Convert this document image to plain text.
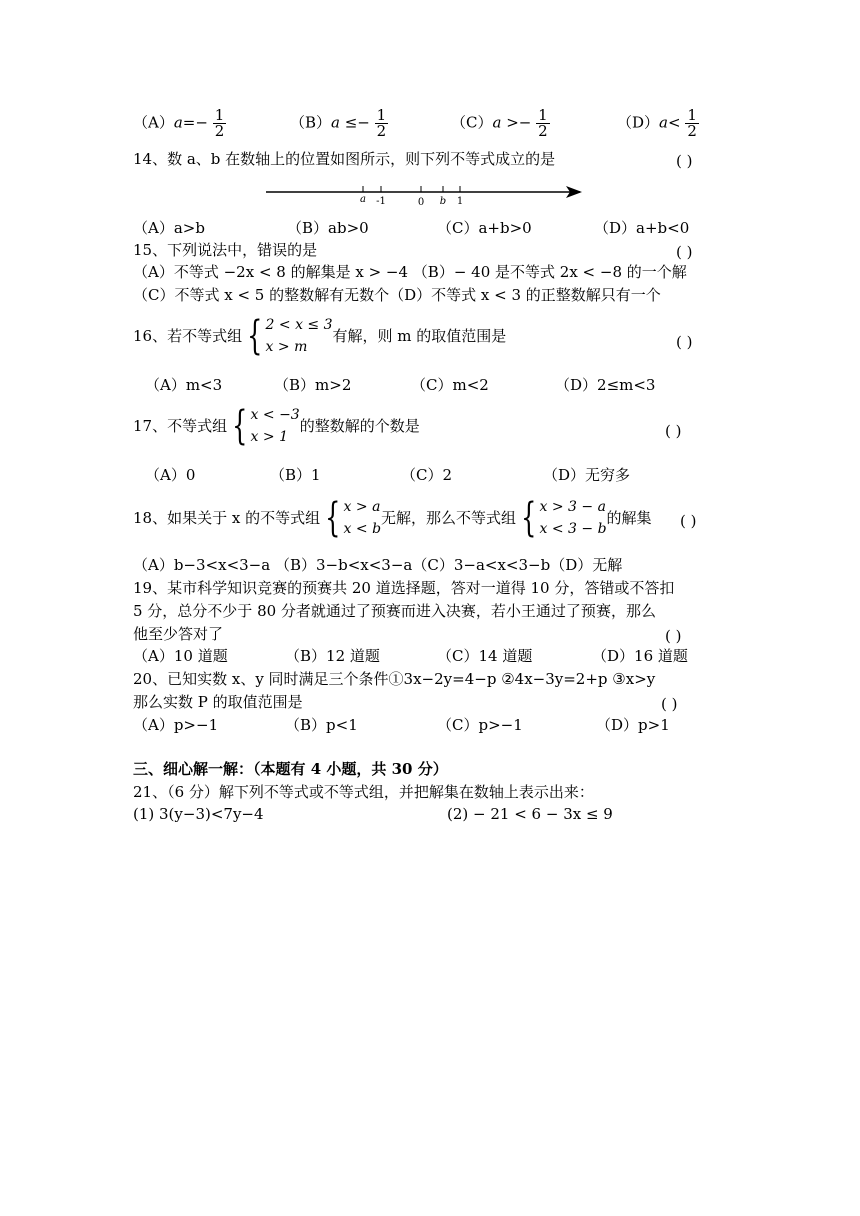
$(A)a=- \frac{1}{2}$	$(B)a \le- \frac{1}{2}$	$(C)a >- \frac{1}{2}$	$(D)a< \frac{1}{2}$
14、数 a、b 在数轴上的位置如图所示，则下列不等式成立的是	( )
a -1	0 b 1
（A）a>b	（B）ab>0	（C）a+b>0	（D）a+b<0
15、下列说法中，错误的是	( )
（A）不等式 −2x < 8 的解集是 x > −4 （B）− 40 是不等式 2x < −8 的一个解
（C）不等式 x < 5 的整数解有无数个（D）不等式 x < 3 的正整数解只有一个
16、若不等式组 { 2 < x ≤ 3
x > m
有解，则 m 的取值范围是	( )
（A）m<3	（B）m>2	（C）m<2	（D）2≤m<3
17、不等式组 { x < −3
x > 1
的整数解的个数是	( )
（A）0	（B）1	（C）2	（D）无穷多
18、如果关于 x 的不等式组 { x > a
x < b
无解，那么不等式组 { x > 3 − a
x < 3 − b
的解集 ( )
（A）b−3<x<3−a （B）3−b<x<3−a（C）3−a<x<3−b（D）无解
19、某市科学知识竞赛的预赛共 20 道选择题，答对一道得 10 分，答错或不答扣
5 分，总分不少于 80 分者就通过了预赛而进入决赛，若小王通过了预赛，那么
他至少答对了	( )
（A）10 道题	（B）12 道题	（C）14 道题	（D）16 道题
20、已知实数 x、y 同时满足三个条件①3x−2y=4−p ②4x−3y=2+p ③x>y
那么实数 P 的取值范围是	( )
（A）p>−1	（B）p<1	（C）p>−1	（D）p>1
三、细心解一解：（本题有 4 小题，共 30 分）
21、（6 分）解下列不等式或不等式组，并把解集在数轴上表示出来：
(1) 3(y−3)<7y−4	(2) − 21 < 6 − 3x ≤ 9
